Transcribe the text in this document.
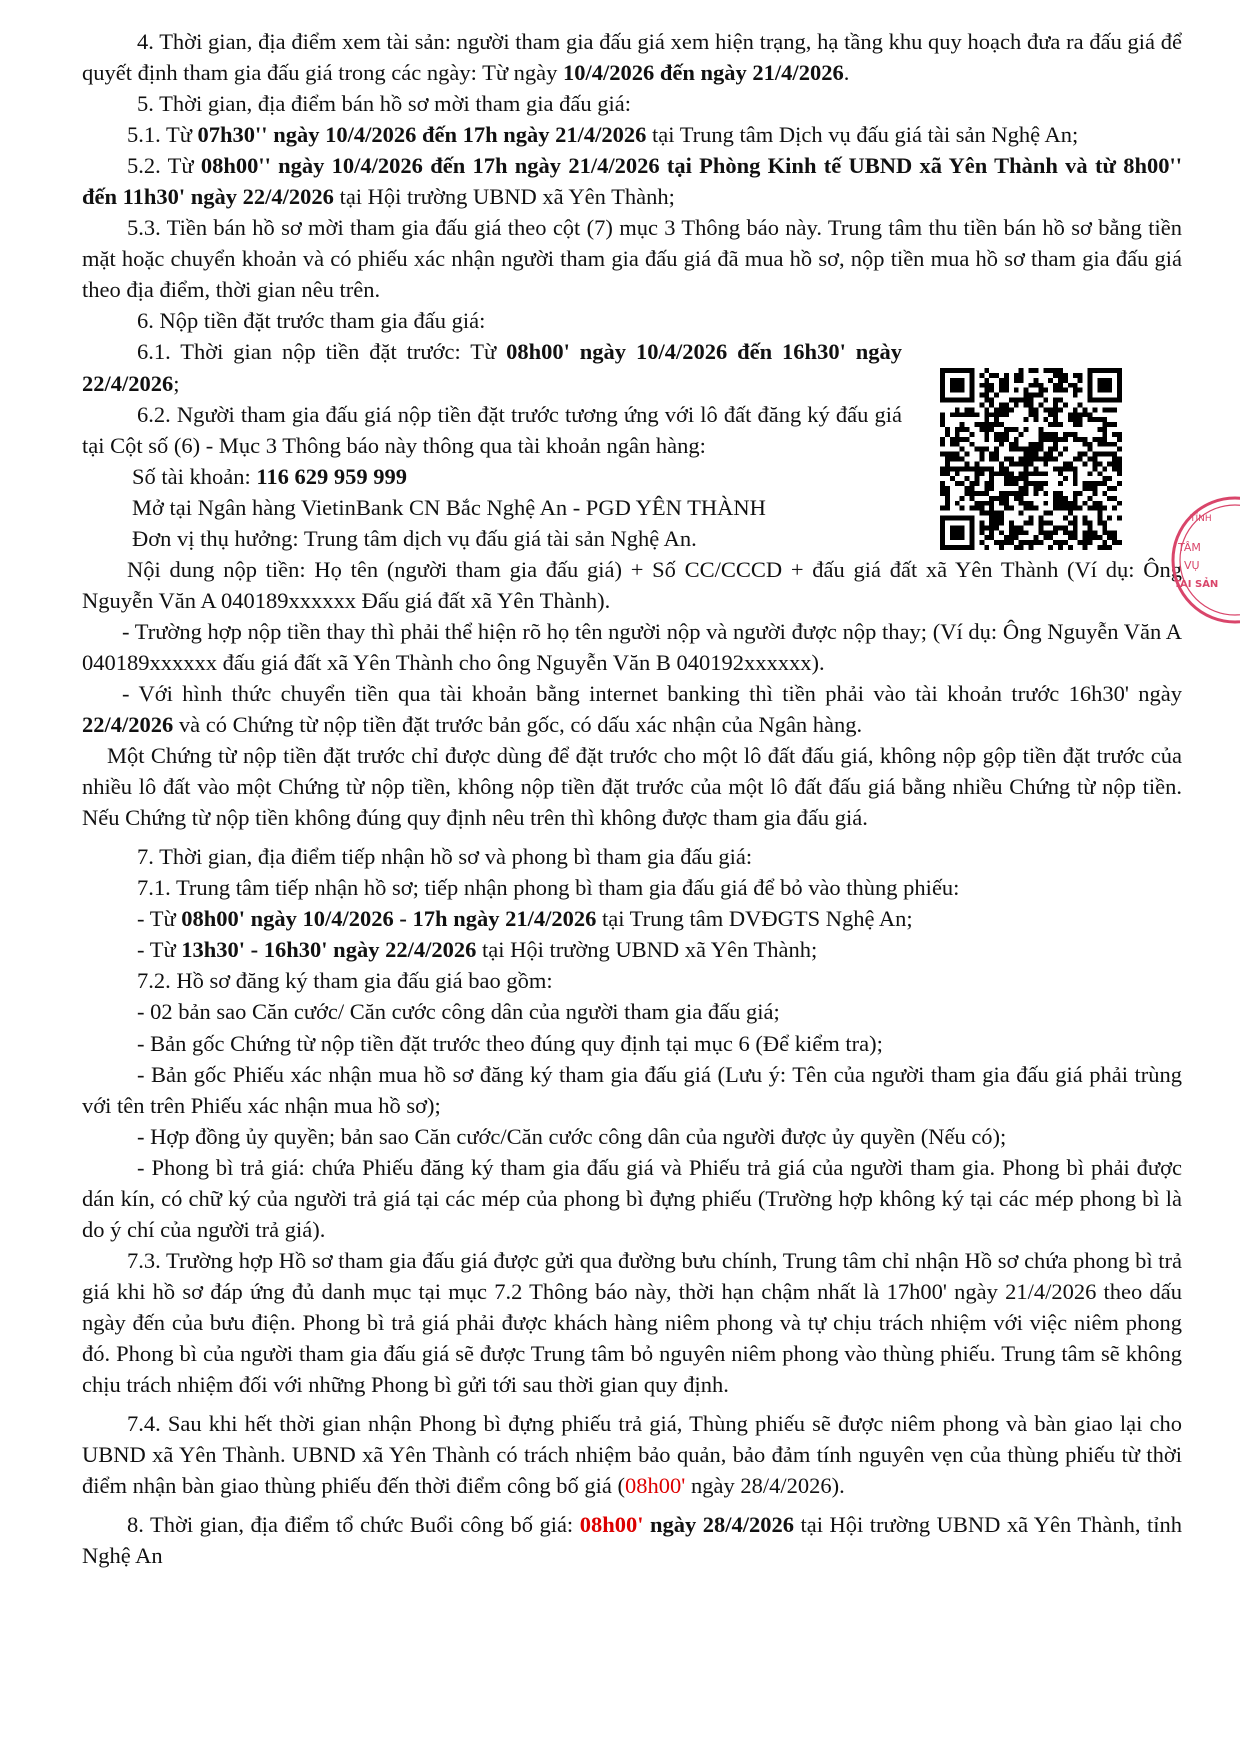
4. Thời gian, địa điểm xem tài sản: người tham gia đấu giá xem hiện trạng, hạ tầng khu quy hoạch đưa ra đấu giá để quyết định tham gia đấu giá trong các ngày: Từ ngày 10/4/2026 đến ngày 21/4/2026.

5. Thời gian, địa điểm bán hồ sơ mời tham gia đấu giá:

5.1. Từ 07h30'' ngày 10/4/2026 đến 17h ngày 21/4/2026 tại Trung tâm Dịch vụ đấu giá tài sản Nghệ An;

5.2. Từ 08h00'' ngày 10/4/2026 đến 17h ngày 21/4/2026 tại Phòng Kinh tế UBND xã Yên Thành và từ 8h00'' đến 11h30' ngày 22/4/2026 tại Hội trường UBND xã Yên Thành;

5.3. Tiền bán hồ sơ mời tham gia đấu giá theo cột (7) mục 3 Thông báo này. Trung tâm thu tiền bán hồ sơ bằng tiền mặt hoặc chuyển khoản và có phiếu xác nhận người tham gia đấu giá đã mua hồ sơ, nộp tiền mua hồ sơ tham gia đấu giá theo địa điểm, thời gian nêu trên.

6. Nộp tiền đặt trước tham gia đấu giá:

6.1. Thời gian nộp tiền đặt trước: Từ 08h00' ngày 10/4/2026 đến 16h30' ngày 22/4/2026;

6.2. Người tham gia đấu giá nộp tiền đặt trước tương ứng với lô đất đăng ký đấu giá tại Cột số (6) - Mục 3 Thông báo này thông qua tài khoản ngân hàng:

Số tài khoản: 116 629 959 999

Mở tại Ngân hàng VietinBank CN Bắc Nghệ An - PGD YÊN THÀNH

Đơn vị thụ hưởng: Trung tâm dịch vụ đấu giá tài sản Nghệ An.

Nội dung nộp tiền: Họ tên (người tham gia đấu giá) + Số CC/CCCD + đấu giá đất xã Yên Thành (Ví dụ: Ông Nguyễn Văn A 040189xxxxxx Đấu giá đất xã Yên Thành).

- Trường hợp nộp tiền thay thì phải thể hiện rõ họ tên người nộp và người được nộp thay; (Ví dụ: Ông Nguyễn Văn A 040189xxxxxx đấu giá đất xã Yên Thành cho ông Nguyễn Văn B 040192xxxxxx).

- Với hình thức chuyển tiền qua tài khoản bằng internet banking thì tiền phải vào tài khoản trước 16h30' ngày 22/4/2026 và có Chứng từ nộp tiền đặt trước bản gốc, có dấu xác nhận của Ngân hàng.

Một Chứng từ nộp tiền đặt trước chỉ được dùng để đặt trước cho một lô đất đấu giá, không nộp gộp tiền đặt trước của nhiều lô đất vào một Chứng từ nộp tiền, không nộp tiền đặt trước của một lô đất đấu giá bằng nhiều Chứng từ nộp tiền. Nếu Chứng từ nộp tiền không đúng quy định nêu trên thì không được tham gia đấu giá.

7. Thời gian, địa điểm tiếp nhận hồ sơ và phong bì tham gia đấu giá:

7.1. Trung tâm tiếp nhận hồ sơ; tiếp nhận phong bì tham gia đấu giá để bỏ vào thùng phiếu:

- Từ 08h00' ngày 10/4/2026 - 17h ngày 21/4/2026 tại Trung tâm DVĐGTS Nghệ An;

- Từ 13h30' - 16h30' ngày 22/4/2026 tại Hội trường UBND xã Yên Thành;

7.2. Hồ sơ đăng ký tham gia đấu giá bao gồm:

- 02 bản sao Căn cước/ Căn cước công dân của người tham gia đấu giá;

- Bản gốc Chứng từ nộp tiền đặt trước theo đúng quy định tại mục 6 (Để kiểm tra);

- Bản gốc Phiếu xác nhận mua hồ sơ đăng ký tham gia đấu giá (Lưu ý: Tên của người tham gia đấu giá phải trùng với tên trên Phiếu xác nhận mua hồ sơ);

- Hợp đồng ủy quyền; bản sao Căn cước/Căn cước công dân của người được ủy quyền (Nếu có);

- Phong bì trả giá: chứa Phiếu đăng ký tham gia đấu giá và Phiếu trả giá của người tham gia. Phong bì phải được dán kín, có chữ ký của người trả giá tại các mép của phong bì đựng phiếu (Trường hợp không ký tại các mép phong bì là do ý chí của người trả giá).

7.3. Trường hợp Hồ sơ tham gia đấu giá được gửi qua đường bưu chính, Trung tâm chỉ nhận Hồ sơ chứa phong bì trả giá khi hồ sơ đáp ứng đủ danh mục tại mục 7.2 Thông báo này, thời hạn chậm nhất là 17h00' ngày 21/4/2026 theo dấu ngày đến của bưu điện. Phong bì trả giá phải được khách hàng niêm phong và tự chịu trách nhiệm với việc niêm phong đó. Phong bì của người tham gia đấu giá sẽ được Trung tâm bỏ nguyên niêm phong vào thùng phiếu. Trung tâm sẽ không chịu trách nhiệm đối với những Phong bì gửi tới sau thời gian quy định.

7.4. Sau khi hết thời gian nhận Phong bì đựng phiếu trả giá, Thùng phiếu sẽ được niêm phong và bàn giao lại cho UBND xã Yên Thành. UBND xã Yên Thành có trách nhiệm bảo quản, bảo đảm tính nguyên vẹn của thùng phiếu từ thời điểm nhận bàn giao thùng phiếu đến thời điểm công bố giá (08h00' ngày 28/4/2026).

8. Thời gian, địa điểm tổ chức Buổi công bố giá: 08h00' ngày 28/4/2026 tại Hội trường UBND xã Yên Thành, tỉnh Nghệ An

TÂM
VỤ
TÀI SẢN
TỈNH
